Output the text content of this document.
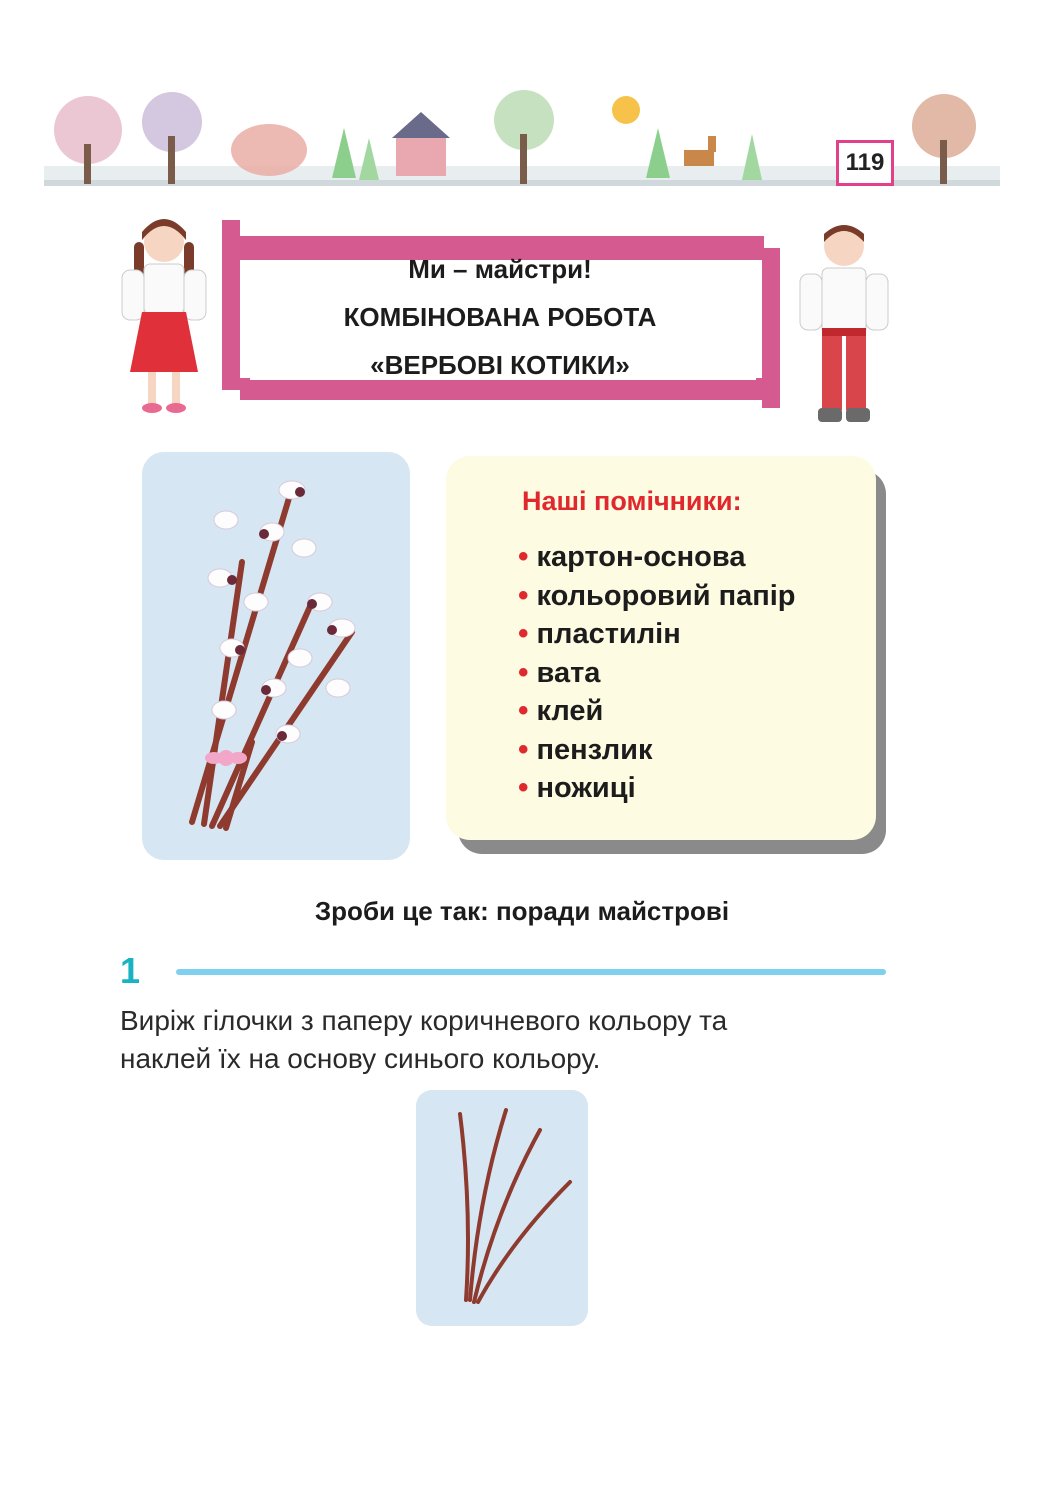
119
Ми – майстри!
КОМБІНОВАНА РОБОТА
«ВЕРБОВІ КОТИКИ»
Наші помічники:
• картон-основа
• кольоровий папір
• пластилін
• вата
• клей
• пензлик
• ножиці
Зроби це так: поради майстрові
1
Виріж гілочки з паперу коричневого кольору та
наклей їх на основу синього кольору.
